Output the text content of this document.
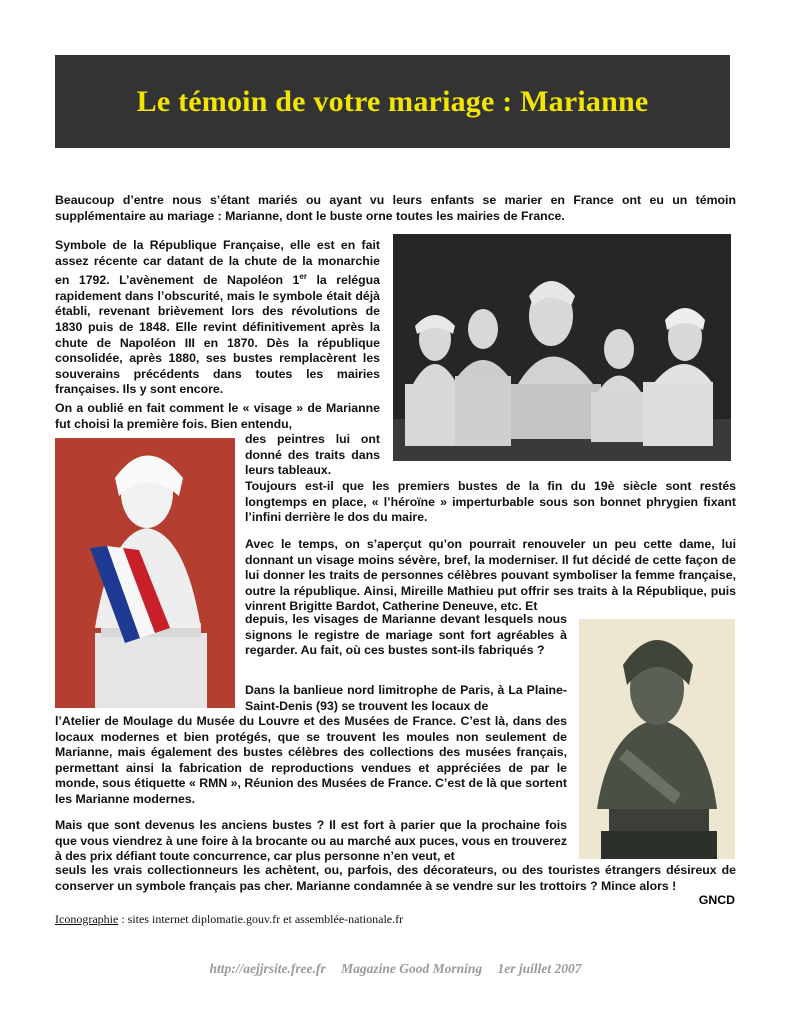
Le témoin de votre mariage : Marianne

Beaucoup d’entre nous s’étant mariés ou ayant vu leurs enfants se marier en France ont eu un témoin supplémentaire au mariage : Marianne, dont le buste orne toutes les mairies de France.

Symbole de la République Française, elle est en fait assez récente car datant de la chute de la monarchie en 1792. L’avènement de Napoléon 1er la relégua rapidement dans l’obscurité, mais le symbole était déjà établi, revenant brièvement lors des révolutions de 1830 puis de 1848. Elle revint définitivement après la chute de Napoléon III en 1870. Dès la république consolidée, après 1880, ses bustes remplacèrent les souverains précédents dans toutes les mairies françaises. Ils y sont encore.

On a oublié en fait comment le « visage » de Marianne fut choisi la première fois. Bien entendu,

des peintres lui ont donné des traits dans leurs tableaux.

Toujours est-il que les premiers bustes de la fin du 19è siècle sont restés longtemps en place, « l’héroïne » imperturbable sous son bonnet phrygien fixant l’infini derrière le dos du maire.

Avec le temps, on s’aperçut qu’on pourrait renouveler un peu cette dame, lui donnant un visage moins sévère, bref, la moderniser. Il fut décidé de cette façon de lui donner les traits de personnes célèbres pouvant symboliser la femme française, outre la république. Ainsi, Mireille Mathieu put offrir ses traits à la République, puis vinrent Brigitte Bardot, Catherine Deneuve, etc. Et

depuis, les visages de Marianne devant lesquels nous signons le registre de mariage sont fort agréables à regarder. Au fait, où ces bustes sont-ils fabriqués ?

Dans la banlieue nord limitrophe de Paris, à La Plaine-Saint-Denis (93) se trouvent les locaux de

l’Atelier de Moulage du Musée du Louvre et des Musées de France. C’est là, dans des locaux modernes et bien protégés, que se trouvent les moules non seulement de Marianne, mais également des bustes célèbres des collections des musées français, permettant ainsi la fabrication de reproductions vendues et appréciées de par le monde, sous étiquette « RMN », Réunion des Musées de France. C’est de là que sortent les Marianne modernes.

Mais que sont devenus les anciens bustes ? Il est fort à parier que la prochaine fois que vous viendrez à une foire à la brocante ou au marché aux puces, vous en trouverez à des prix défiant toute concurrence, car plus personne n’en veut, et

seuls les vrais collectionneurs les achètent, ou, parfois, des décorateurs, ou des touristes étrangers désireux de conserver un symbole français pas cher. Marianne condamnée à se vendre sur les trottoirs ? Mince alors !

GNCD
Iconographie : sites internet diplomatie.gouv.fr et assemblée-nationale.fr
http://aejjrsite.free.fr Magazine Good Morning 1er juillet 2007
